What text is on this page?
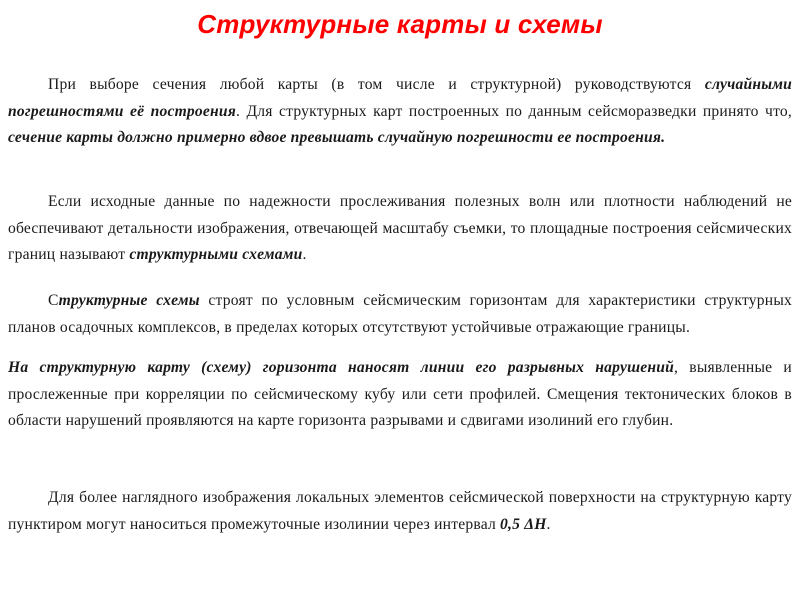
Структурные карты и схемы

При выборе сечения любой карты (в том числе и структурной) руководствуются случайными погрешностями её построения. Для структурных карт построенных по данным сейсморазведки принято что, сечение карты должно примерно вдвое превышать случайную погрешности ее построения.

Если исходные данные по надежности прослеживания полезных волн или плотности наблюдений не обеспечивают детальности изображения, отвечающей масштабу съемки, то площадные построения сейсмических границ называют структурными схемами.

Структурные схемы строят по условным сейсмическим горизонтам для характеристики структурных планов осадочных комплексов, в пределах которых отсутствуют устойчивые отражающие границы.

На структурную карту (схему) горизонта наносят линии его разрывных нарушений, выявленные и прослеженные при корреляции по сейсмическому кубу или сети профилей. Смещения тектонических блоков в области нарушений проявляются на карте горизонта разрывами и сдвигами изолиний его глубин.

Для более наглядного изображения локальных элементов сейсмической поверхности на структурную карту пунктиром могут наноситься промежуточные изолинии через интервал 0,5 ΔH.
